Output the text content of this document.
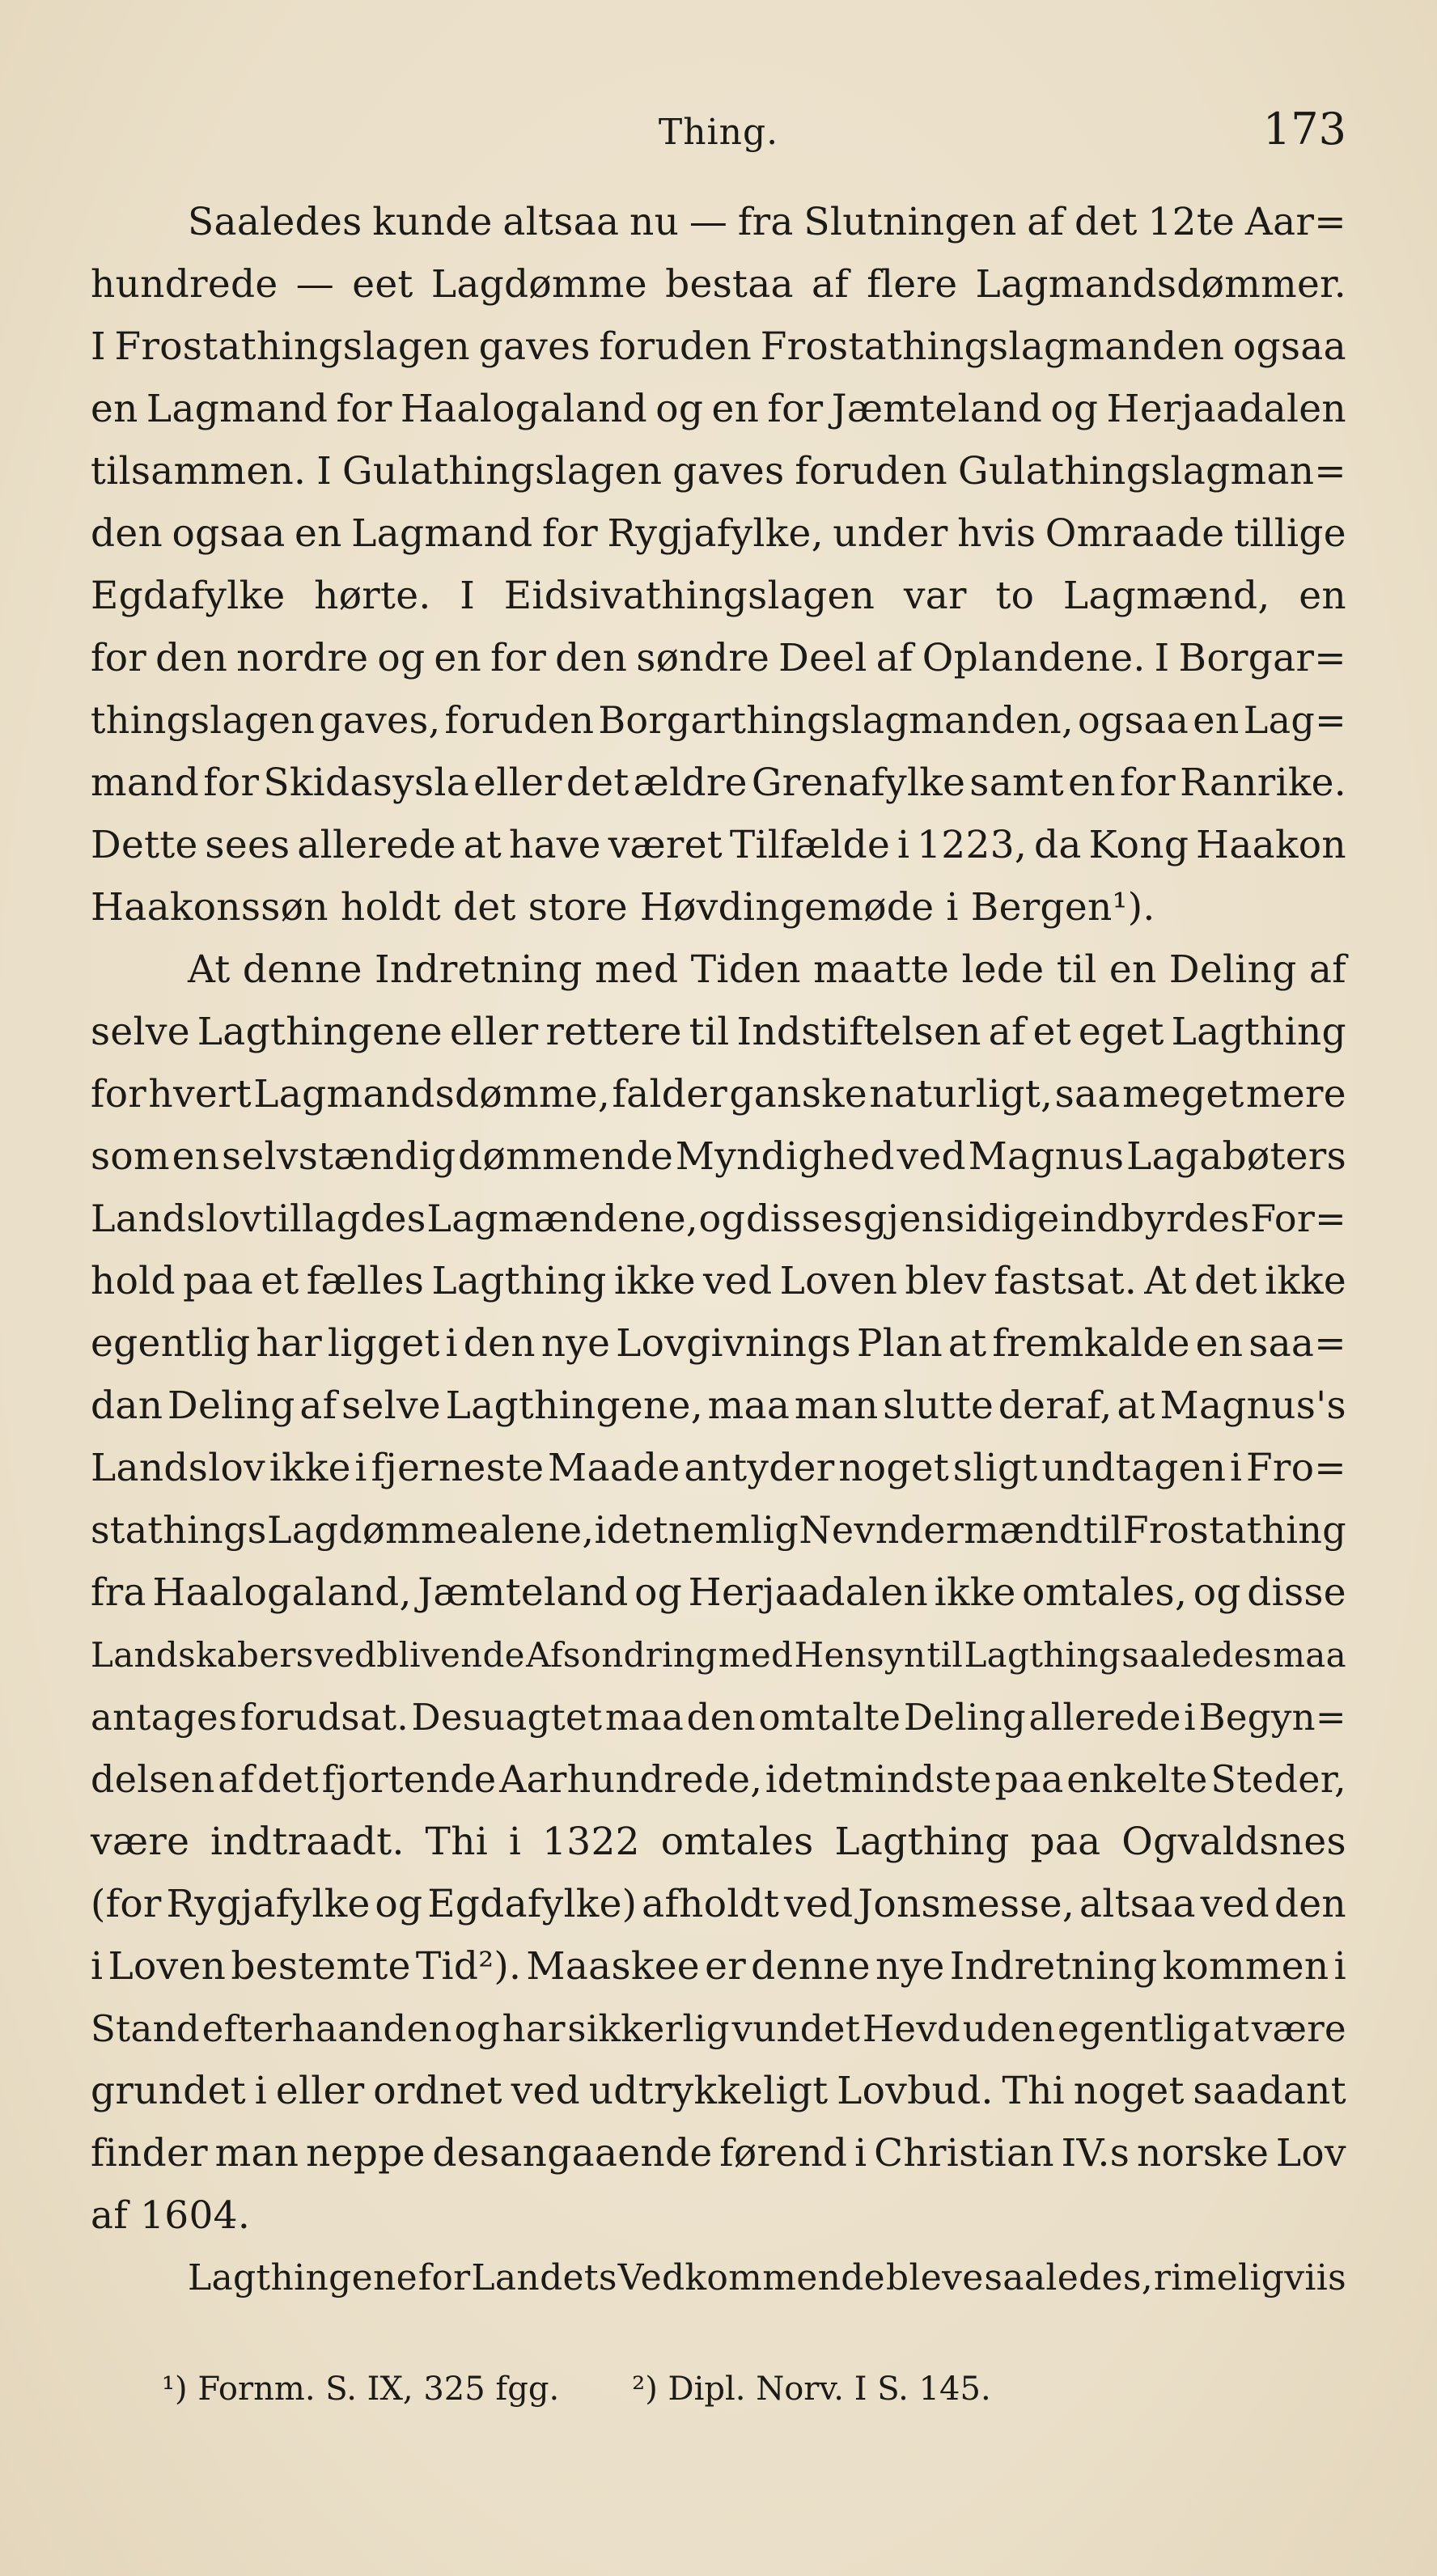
Thing.	173
Saaledes kunde altsaa nu — fra Slutningen af det 12te Aar=
hundrede — eet Lagdømme bestaa af flere Lagmandsdømmer.
I Frostathingslagen gaves foruden Frostathingslagmanden ogsaa
en Lagmand for Haalogaland og en for Jæmteland og Herjaadalen
tilsammen. I Gulathingslagen gaves foruden Gulathingslagman=
den ogsaa en Lagmand for Rygjafylke, under hvis Omraade tillige
Egdafylke hørte. I Eidsivathingslagen var to Lagmænd, en
for den nordre og en for den søndre Deel af Oplandene. I Borgar=
thingslagen gaves, foruden Borgarthingslagmanden, ogsaa en Lag=
mand for Skidasysla eller det ældre Grenafylke samt en for Ranrike.
Dette sees allerede at have været Tilfælde i 1223, da Kong Haakon
Haakonssøn holdt det store Høvdingemøde i Bergen¹).
At denne Indretning med Tiden maatte lede til en Deling af
selve Lagthingene eller rettere til Indstiftelsen af et eget Lagthing
for hvert Lagmandsdømme, falder ganske naturligt, saa meget mere
som en selvstændig dømmende Myndighed ved Magnus Lagabøters
Landslov tillagdes Lagmændene, og disses gjensidige indbyrdes For=
hold paa et fælles Lagthing ikke ved Loven blev fastsat. At det ikke
egentlig har ligget i den nye Lovgivnings Plan at fremkalde en saa=
dan Deling af selve Lagthingene, maa man slutte deraf, at Magnus's
Landslov ikke i fjerneste Maade antyder noget sligt undtagen i Fro=
stathings Lagdømme alene, idet nemlig Nevndermænd til Frostathing
fra Haalogaland, Jæmteland og Herjaadalen ikke omtales, og disse
Landskabers vedblivende Afsondring med Hensyn til Lagthing saaledes maa
antages forudsat. Desuagtet maa den omtalte Deling allerede i Begyn=
delsen af det fjortende Aarhundrede, idetmindste paa enkelte Steder,
være indtraadt. Thi i 1322 omtales Lagthing paa Ogvaldsnes
(for Rygjafylke og Egdafylke) afholdt ved Jonsmesse, altsaa ved den
i Loven bestemte Tid²). Maaskee er denne nye Indretning kommen i
Stand efterhaanden og har sikkerlig vundet Hevd uden egentlig at være
grundet i eller ordnet ved udtrykkeligt Lovbud. Thi noget saadant
finder man neppe desangaaende førend i Christian IV.s norske Lov
af 1604.
Lagthingene for Landets Vedkommende bleve saaledes, rimeligviis
¹) Fornm. S. IX, 325 fgg. ²) Dipl. Norv. I S. 145.
